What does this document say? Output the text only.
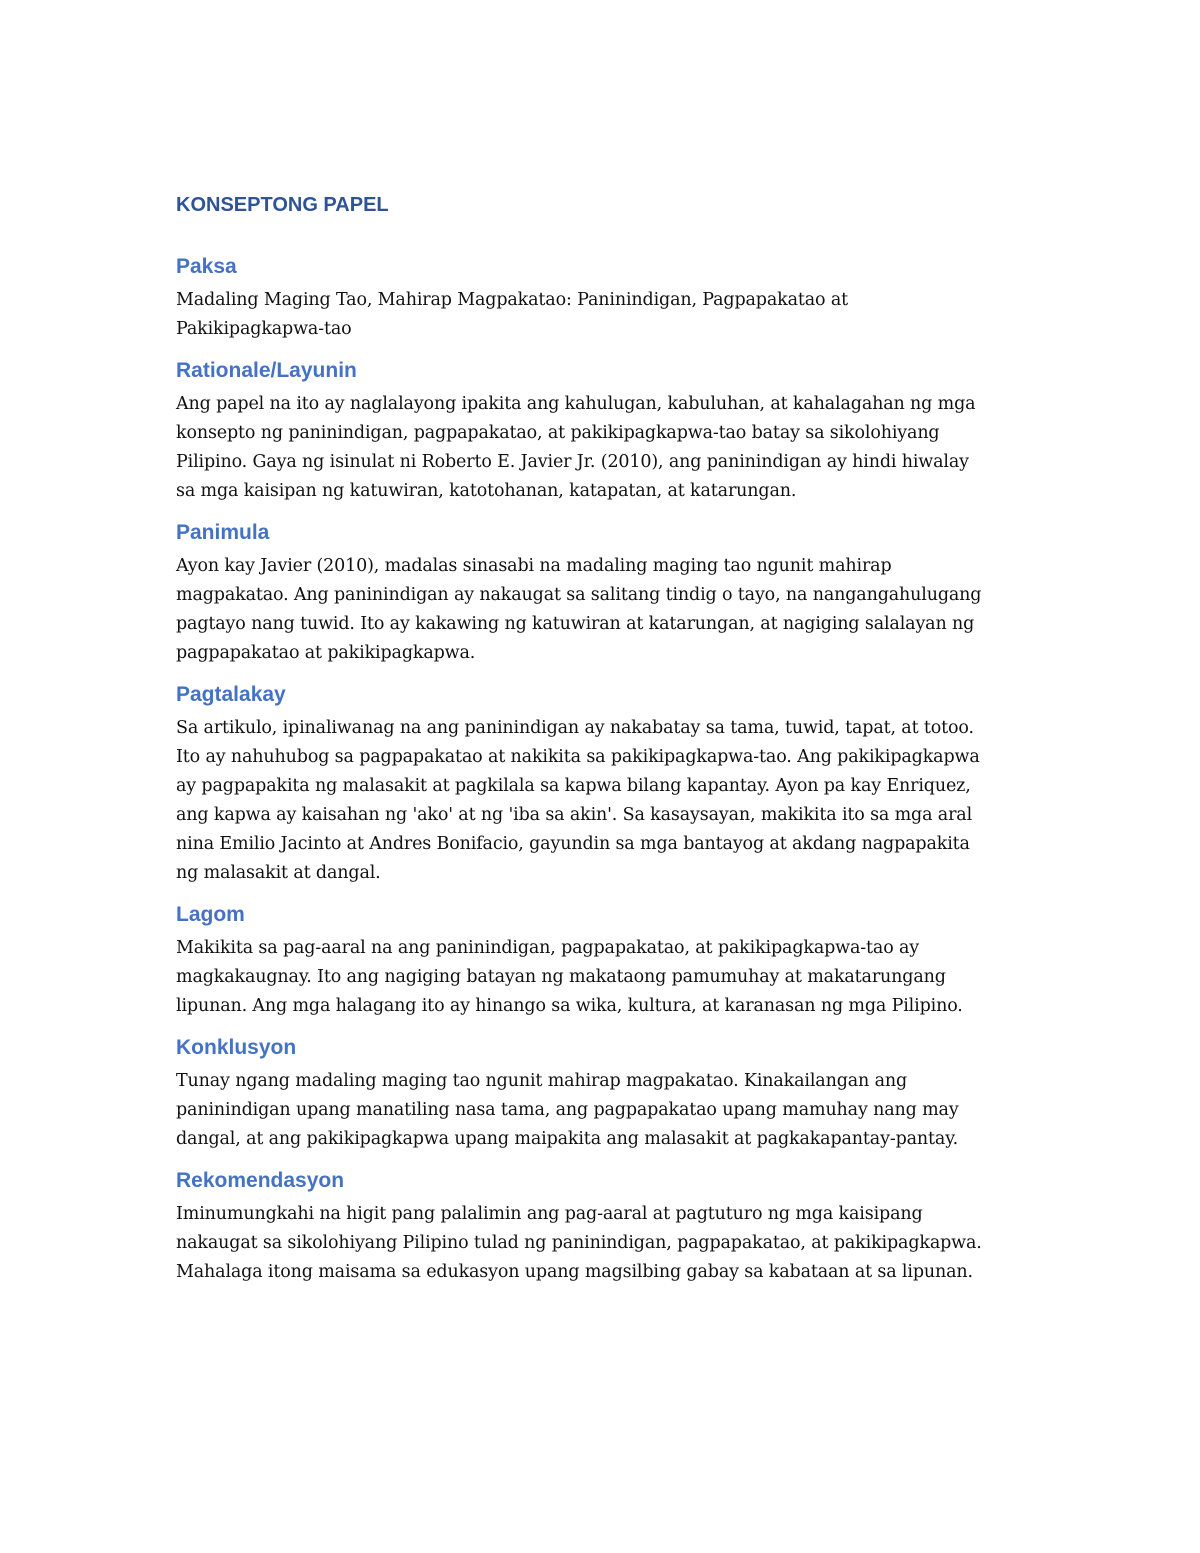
KONSEPTONG PAPEL
Paksa

Madaling Maging Tao, Mahirap Magpakatao: Paninindigan, Pagpapakatao at
Pakikipagkapwa-tao

Rationale/Layunin

Ang papel na ito ay naglalayong ipakita ang kahulugan, kabuluhan, at kahalagahan ng mga
konsepto ng paninindigan, pagpapakatao, at pakikipagkapwa-tao batay sa sikolohiyang
Pilipino. Gaya ng isinulat ni Roberto E. Javier Jr. (2010), ang paninindigan ay hindi hiwalay
sa mga kaisipan ng katuwiran, katotohanan, katapatan, at katarungan.

Panimula

Ayon kay Javier (2010), madalas sinasabi na madaling maging tao ngunit mahirap
magpakatao. Ang paninindigan ay nakaugat sa salitang tindig o tayo, na nangangahulugang
pagtayo nang tuwid. Ito ay kakawing ng katuwiran at katarungan, at nagiging salalayan ng
pagpapakatao at pakikipagkapwa.

Pagtalakay

Sa artikulo, ipinaliwanag na ang paninindigan ay nakabatay sa tama, tuwid, tapat, at totoo.
Ito ay nahuhubog sa pagpapakatao at nakikita sa pakikipagkapwa-tao. Ang pakikipagkapwa
ay pagpapakita ng malasakit at pagkilala sa kapwa bilang kapantay. Ayon pa kay Enriquez,
ang kapwa ay kaisahan ng 'ako' at ng 'iba sa akin'. Sa kasaysayan, makikita ito sa mga aral
nina Emilio Jacinto at Andres Bonifacio, gayundin sa mga bantayog at akdang nagpapakita
ng malasakit at dangal.

Lagom

Makikita sa pag-aaral na ang paninindigan, pagpapakatao, at pakikipagkapwa-tao ay
magkakaugnay. Ito ang nagiging batayan ng makataong pamumuhay at makatarungang
lipunan. Ang mga halagang ito ay hinango sa wika, kultura, at karanasan ng mga Pilipino.

Konklusyon

Tunay ngang madaling maging tao ngunit mahirap magpakatao. Kinakailangan ang
paninindigan upang manatiling nasa tama, ang pagpapakatao upang mamuhay nang may
dangal, at ang pakikipagkapwa upang maipakita ang malasakit at pagkakapantay-pantay.

Rekomendasyon

Iminumungkahi na higit pang palalimin ang pag-aaral at pagtuturo ng mga kaisipang
nakaugat sa sikolohiyang Pilipino tulad ng paninindigan, pagpapakatao, at pakikipagkapwa.
Mahalaga itong maisama sa edukasyon upang magsilbing gabay sa kabataan at sa lipunan.
